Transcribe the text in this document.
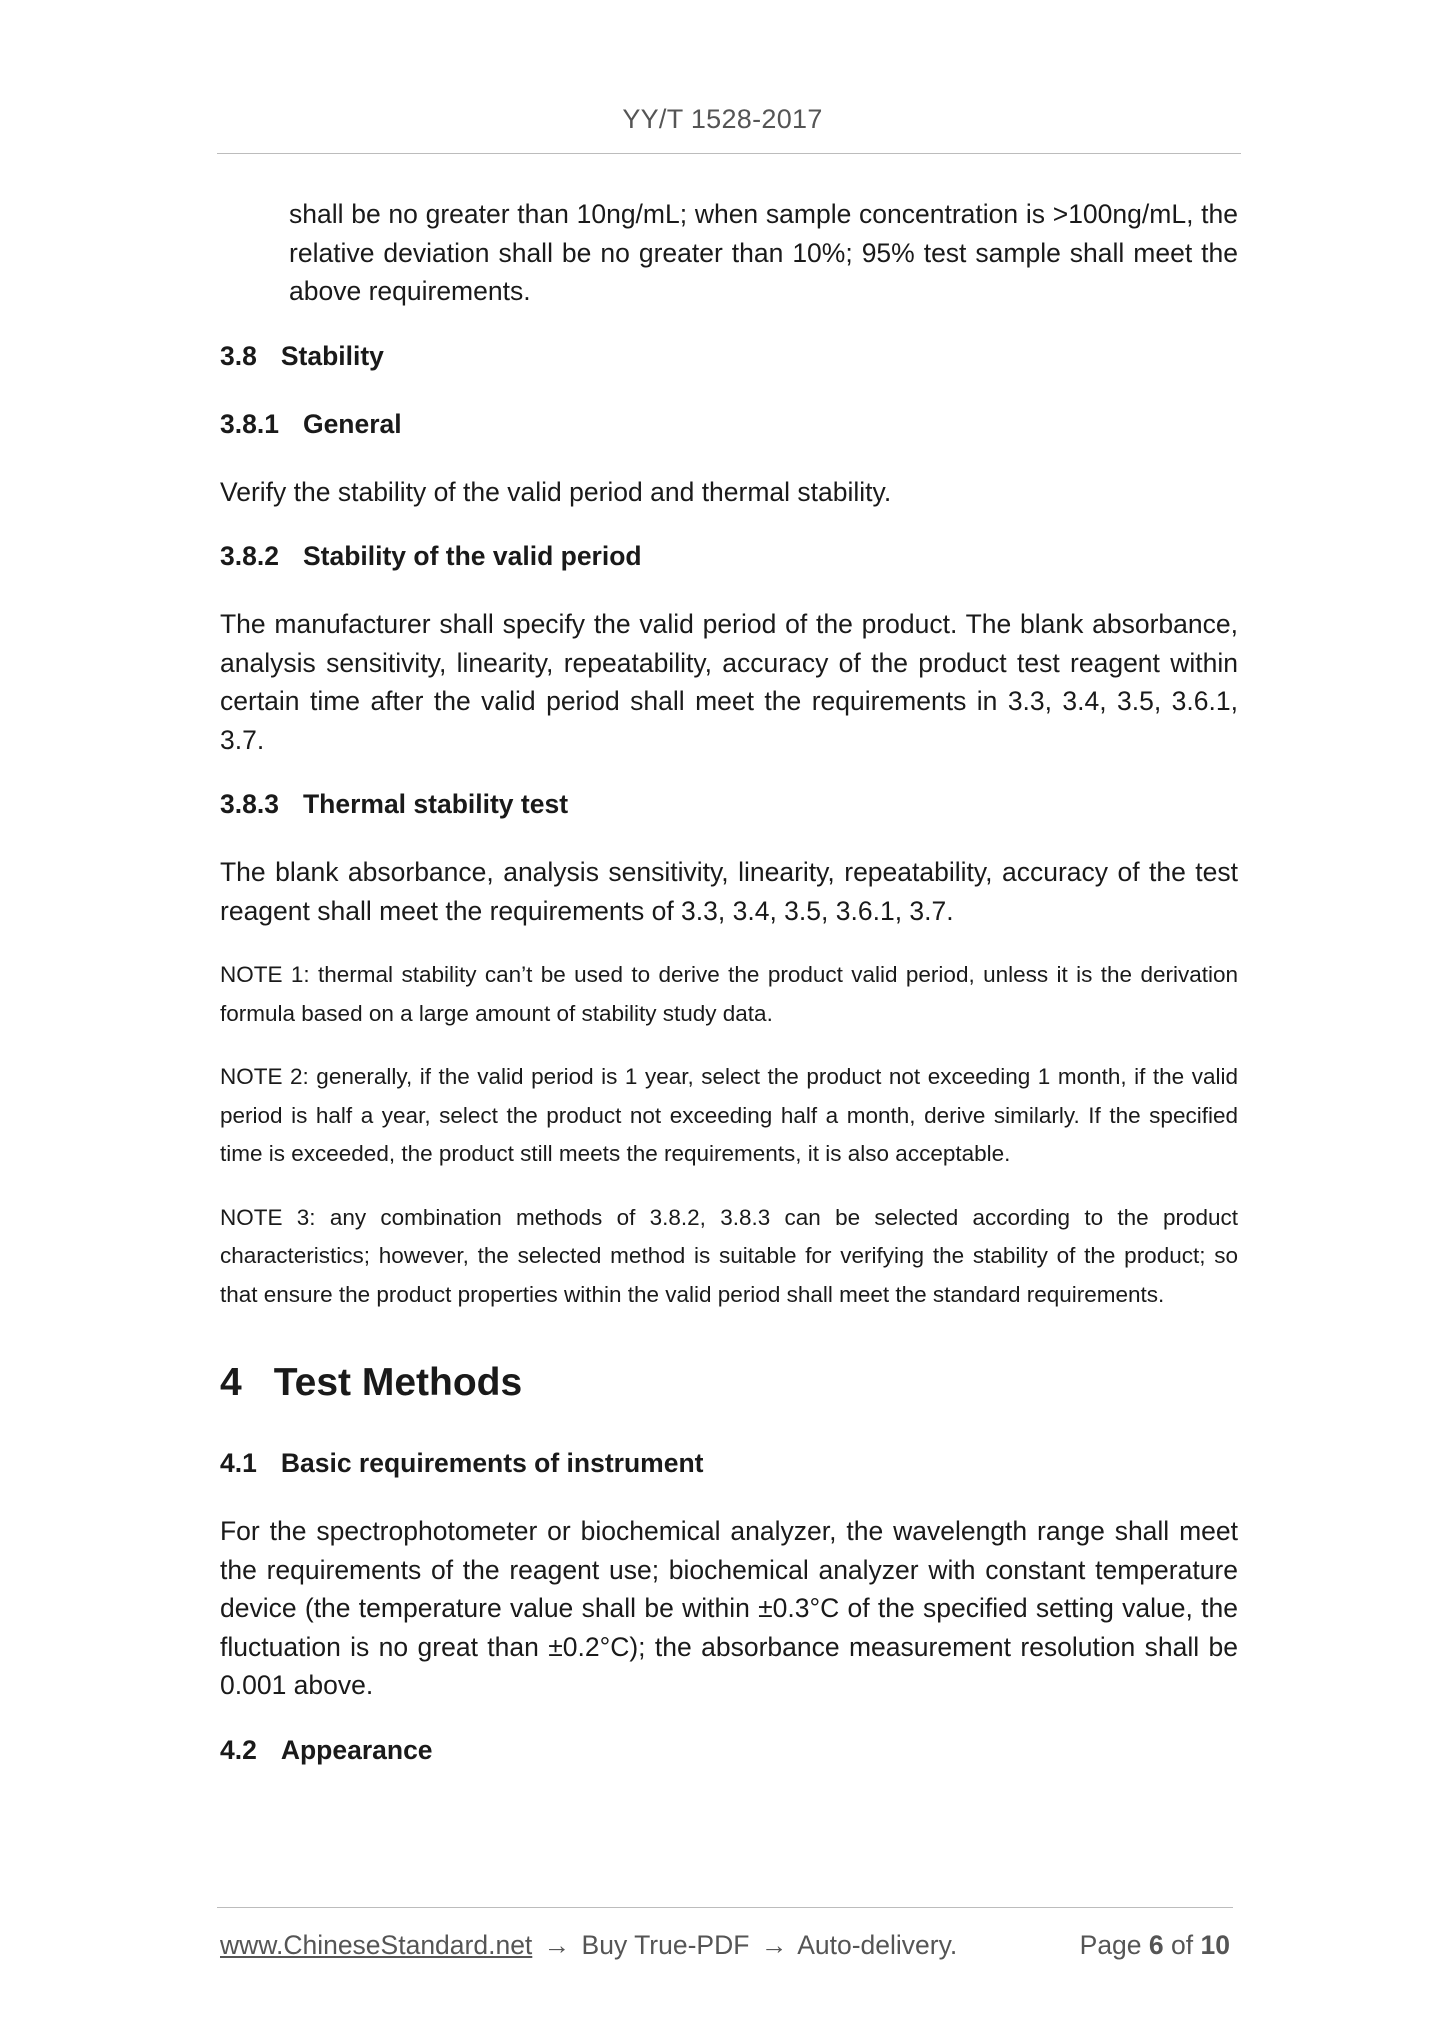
YY/T 1528-2017

shall be no greater than 10ng/mL; when sample concentration is >100ng/mL, the relative deviation shall be no greater than 10%; 95% test sample shall meet the above requirements.

3.8 Stability
3.8.1 General

Verify the stability of the valid period and thermal stability.

3.8.2 Stability of the valid period

The manufacturer shall specify the valid period of the product. The blank absorbance, analysis sensitivity, linearity, repeatability, accuracy of the product test reagent within certain time after the valid period shall meet the requirements in 3.3, 3.4, 3.5, 3.6.1, 3.7.

3.8.3 Thermal stability test

The blank absorbance, analysis sensitivity, linearity, repeatability, accuracy of the test reagent shall meet the requirements of 3.3, 3.4, 3.5, 3.6.1, 3.7.

NOTE 1: thermal stability can’t be used to derive the product valid period, unless it is the derivation formula based on a large amount of stability study data.

NOTE 2: generally, if the valid period is 1 year, select the product not exceeding 1 month, if the valid period is half a year, select the product not exceeding half a month, derive similarly. If the specified time is exceeded, the product still meets the requirements, it is also acceptable.

NOTE 3: any combination methods of 3.8.2, 3.8.3 can be selected according to the product characteristics; however, the selected method is suitable for verifying the stability of the product; so that ensure the product properties within the valid period shall meet the standard requirements.

4 Test Methods
4.1 Basic requirements of instrument

For the spectrophotometer or biochemical analyzer, the wavelength range shall meet the requirements of the reagent use; biochemical analyzer with constant temperature device (the temperature value shall be within ±0.3°C of the specified setting value, the fluctuation is no great than ±0.2°C); the absorbance measurement resolution shall be 0.001 above.

4.2 Appearance
www.ChineseStandard.net → Buy True-PDF → Auto-delivery.	Page 6 of 10
